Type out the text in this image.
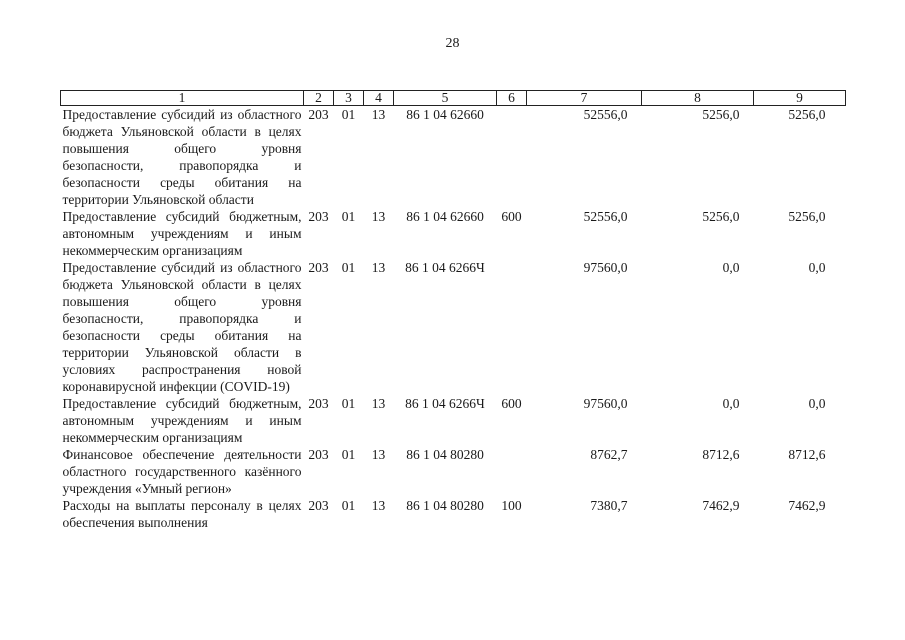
28
1	2	3	4	5	6	7	8	9
Предоставление субсидий из областного бюджета Ульяновской области в целях повышения общего уровня безопасности, правопорядка и безопасности среды обитания на территории Ульяновской области	203	01	13	86 1 04 62660		52556,0	5256,0	5256,0
Предоставление субсидий бюджетным, автономным учреждениям и иным некоммерческим организациям	203	01	13	86 1 04 62660	600	52556,0	5256,0	5256,0
Предоставление субсидий из областного бюджета Ульяновской области в целях повышения общего уровня безопасности, правопорядка и безопасности среды обитания на территории Ульяновской области в условиях распространения новой коронавирусной инфекции (COVID-19)	203	01	13	86 1 04 6266Ч		97560,0	0,0	0,0
Предоставление субсидий бюджетным, автономным учреждениям и иным некоммерческим организациям	203	01	13	86 1 04 6266Ч	600	97560,0	0,0	0,0
Финансовое обеспечение деятельности областного государственного казённого учреждения «Умный регион»	203	01	13	86 1 04 80280		8762,7	8712,6	8712,6
Расходы на выплаты персоналу в целях обеспечения выполнения	203	01	13	86 1 04 80280	100	7380,7	7462,9	7462,9
